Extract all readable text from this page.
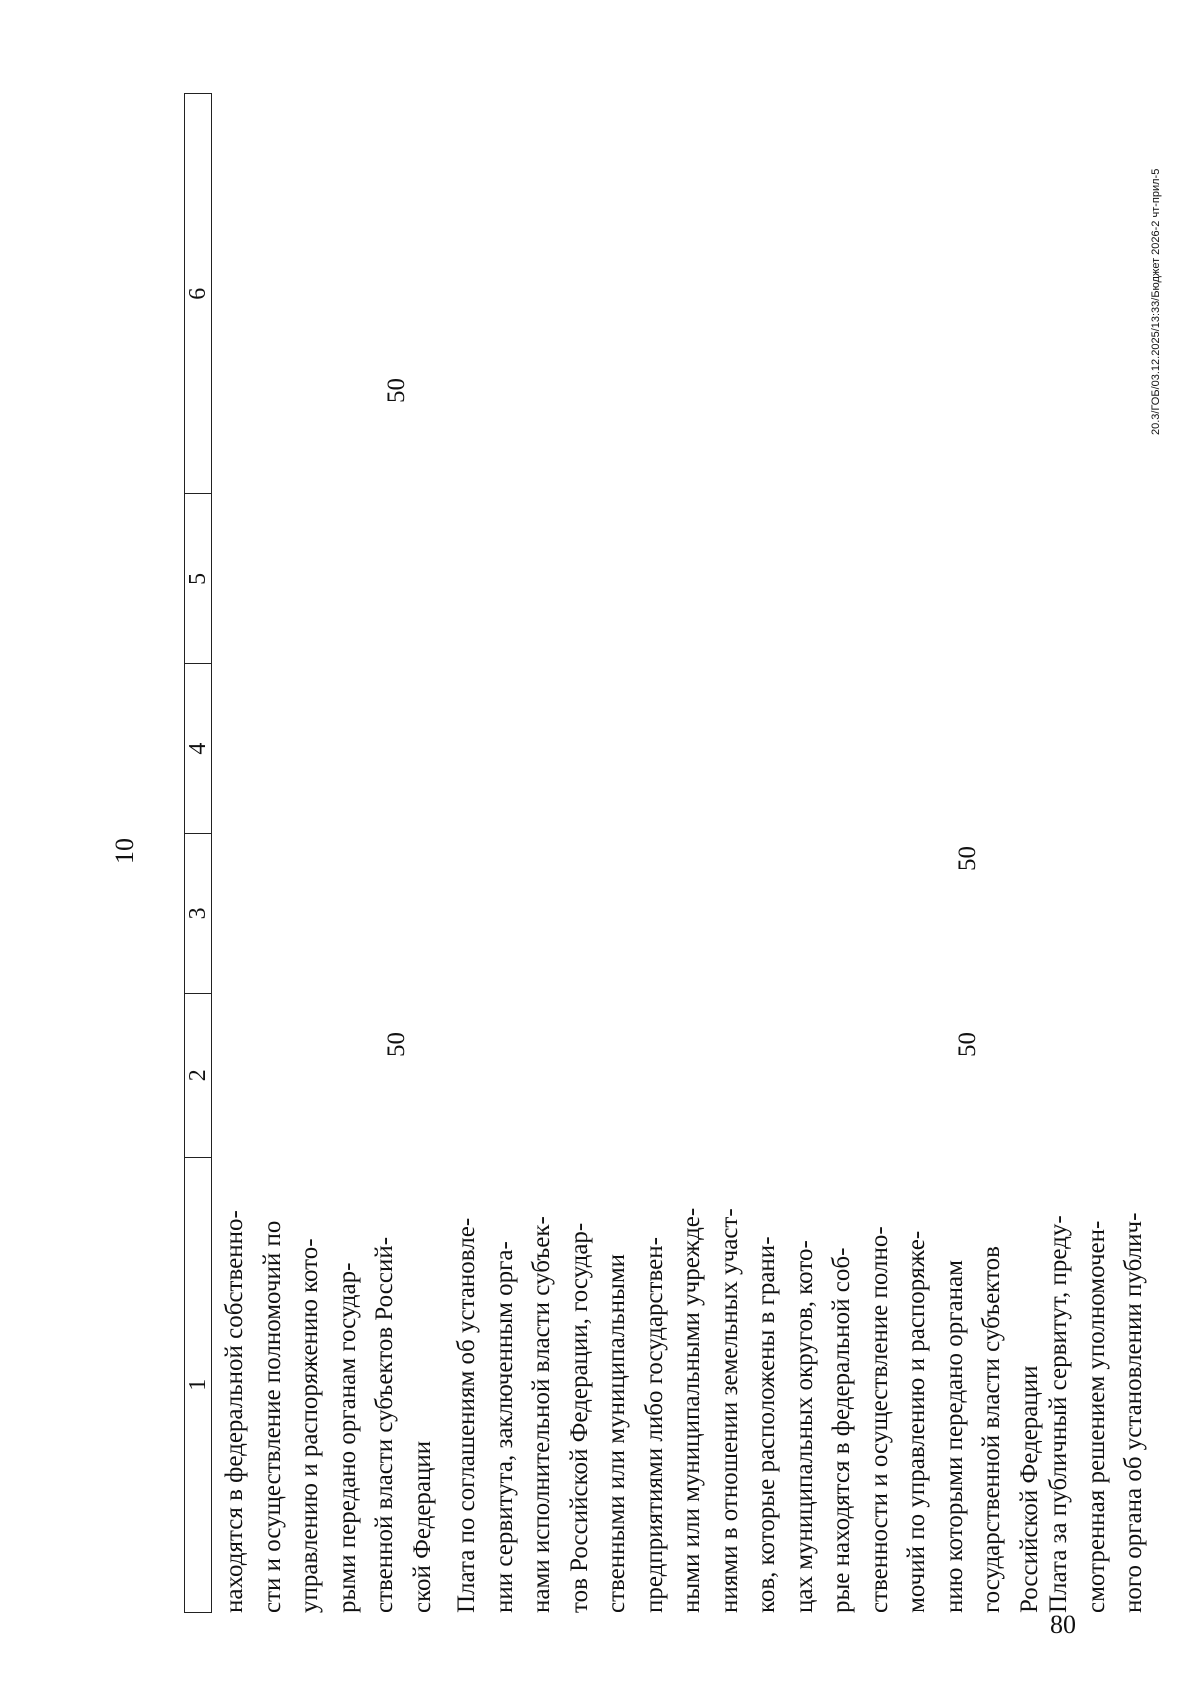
10
1
2
3
4
5
6
находятся в федеральной собственно- сти и осуществление полномочий по управлению и распоряжению кото- рыми передано органам государ- ственной власти субъектов Россий- ской Федерации
50
50
Плата по соглашениям об установле- нии сервитута, заключенным орга- нами исполнительной власти субъек- тов Российской Федерации, государ- ственными или муниципальными предприятиями либо государствен- ными или муниципальными учрежде- ниями в отношении земельных участ- ков, которые расположены в грани- цах муниципальных округов, кото- рые находятся в федеральной соб- ственности и осуществление полно- мочий по управлению и распоряже- нию которыми передано органам государственной власти субъектов Российской Федерации
50
50
Плата за публичный сервитут, преду- смотренная решением уполномочен- ного органа об установлении публич-
20.3/ГОБ/03.12.2025/13:33/Бюджет 2026-2 чт-прил-5
80
